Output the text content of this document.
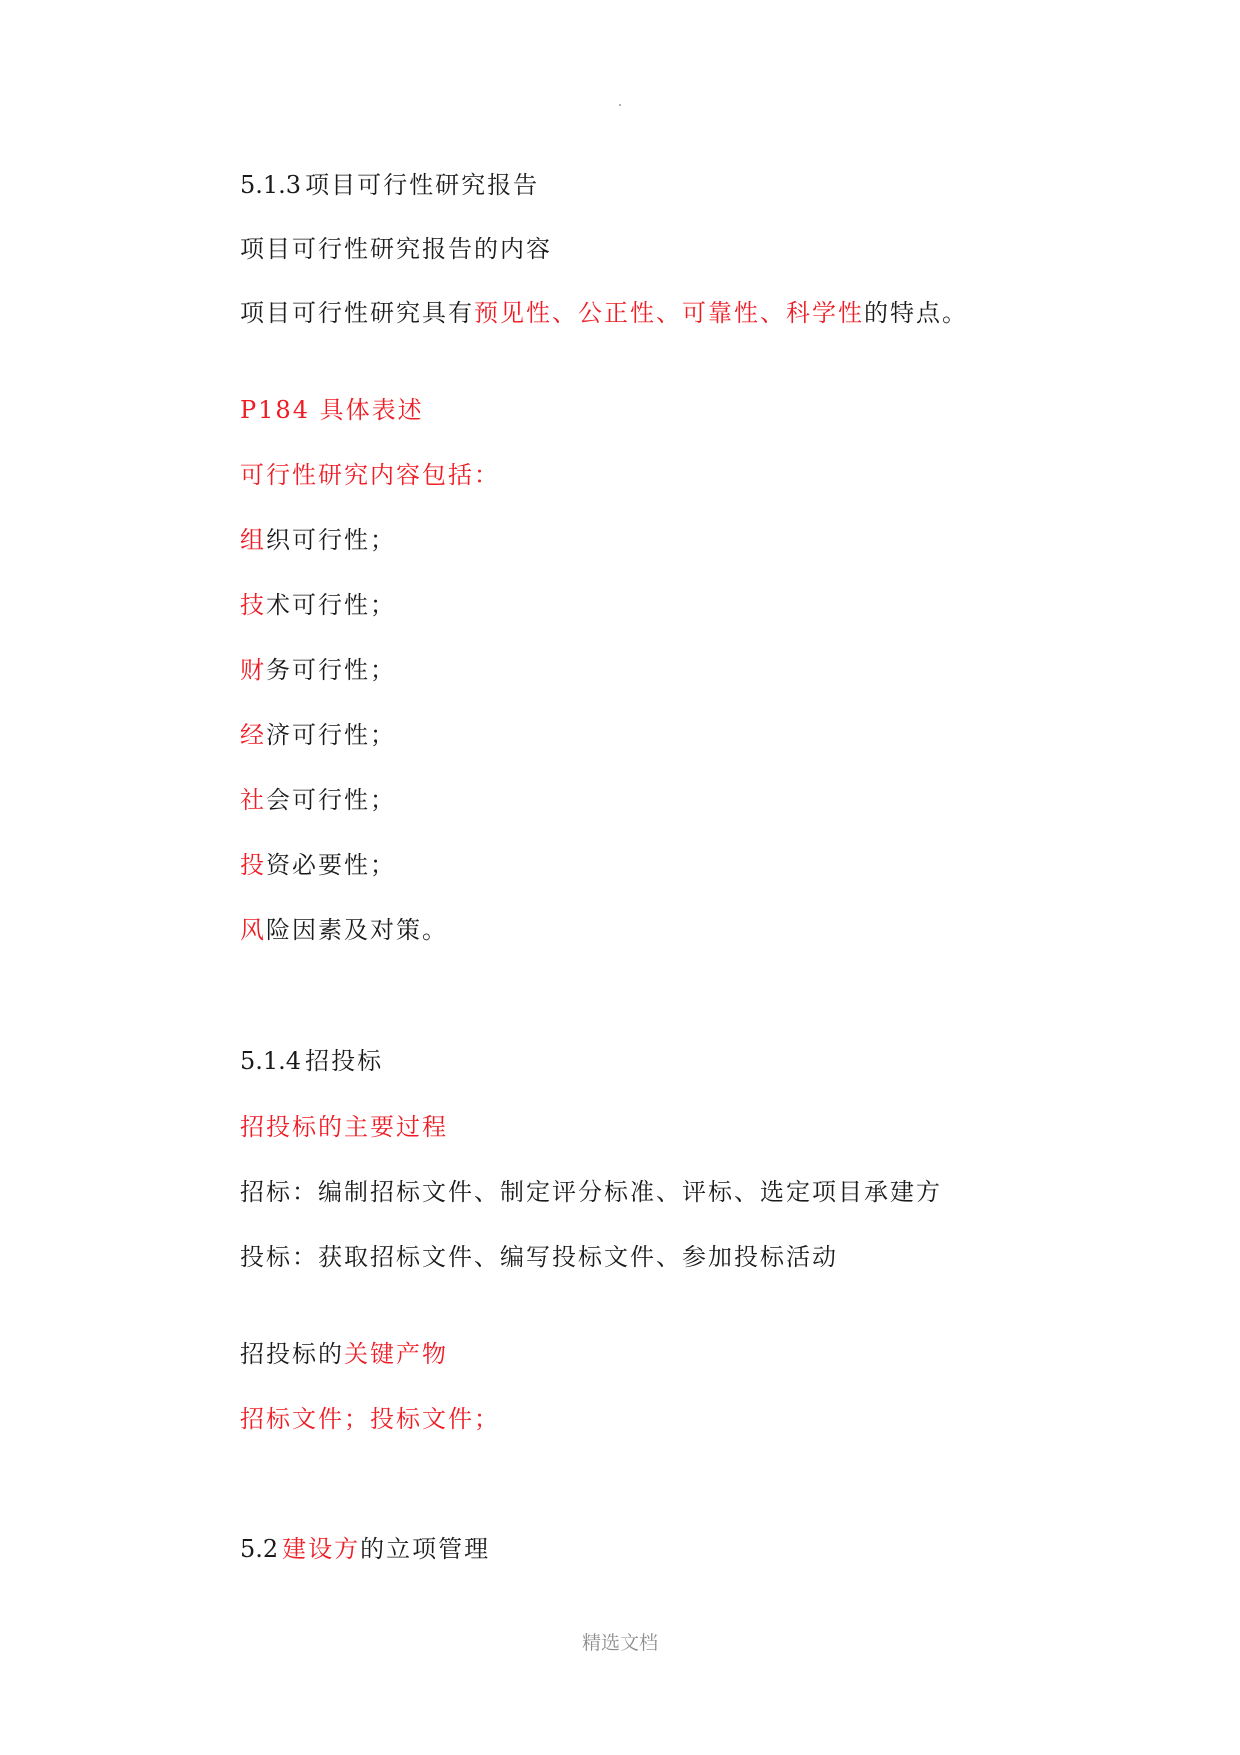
5.1.3 项目可行性研究报告
项目可行性研究报告的内容
项目可行性研究具有预见性、公正性、可靠性、科学性的特点。
P184 具体表述
可行性研究内容包括：
组织可行性；
技术可行性；
财务可行性；
经济可行性；
社会可行性；
投资必要性；
风险因素及对策。
5.1.4 招投标
招投标的主要过程
招标：编制招标文件、制定评分标准、评标、选定项目承建方
投标：获取招标文件、编写投标文件、参加投标活动
招投标的关键产物
招标文件；投标文件；
5.2 建设方的立项管理
精选文档
